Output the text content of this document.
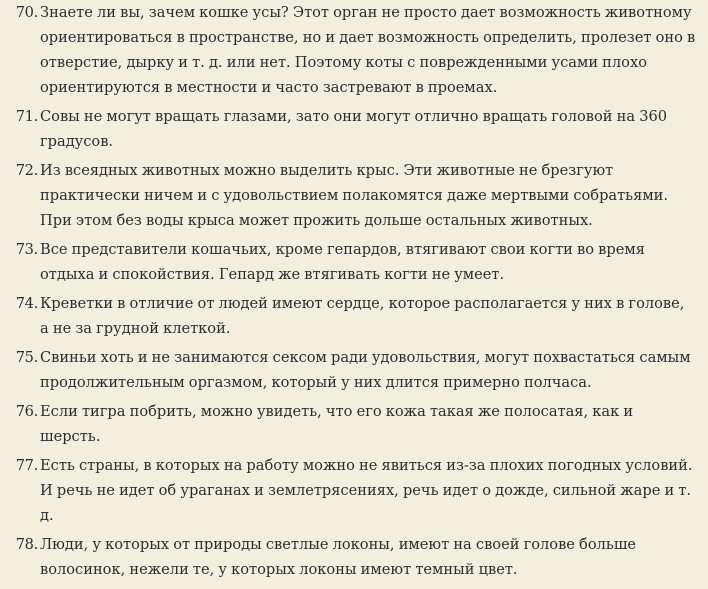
70. Знаете ли вы, зачем кошке усы? Этот орган не просто дает возможность животному ориентироваться в пространстве, но и дает возможность определить, пролезет оно в отверстие, дырку и т. д. или нет. Поэтому коты с поврежденными усами плохо ориентируются в местности и часто застревают в проемах.
71. Совы не могут вращать глазами, зато они могут отлично вращать головой на 360 градусов.
72. Из всеядных животных можно выделить крыс. Эти животные не брезгуют практически ничем и с удовольствием полакомятся даже мертвыми собратьями. При этом без воды крыса может прожить дольше остальных животных.
73. Все представители кошачьих, кроме гепардов, втягивают свои когти во время отдыха и спокойствия. Гепард же втягивать когти не умеет.
74. Креветки в отличие от людей имеют сердце, которое располагается у них в голове, а не за грудной клеткой.
75. Свиньи хоть и не занимаются сексом ради удовольствия, могут похвастаться самым продолжительным оргазмом, который у них длится примерно полчаса.
76. Если тигра побрить, можно увидеть, что его кожа такая же полосатая, как и шерсть.
77. Есть страны, в которых на работу можно не явиться из-за плохих погодных условий. И речь не идет об ураганах и землетрясениях, речь идет о дожде, сильной жаре и т. д.
78. Люди, у которых от природы светлые локоны, имеют на своей голове больше волосинок, нежели те, у которых локоны имеют темный цвет.
